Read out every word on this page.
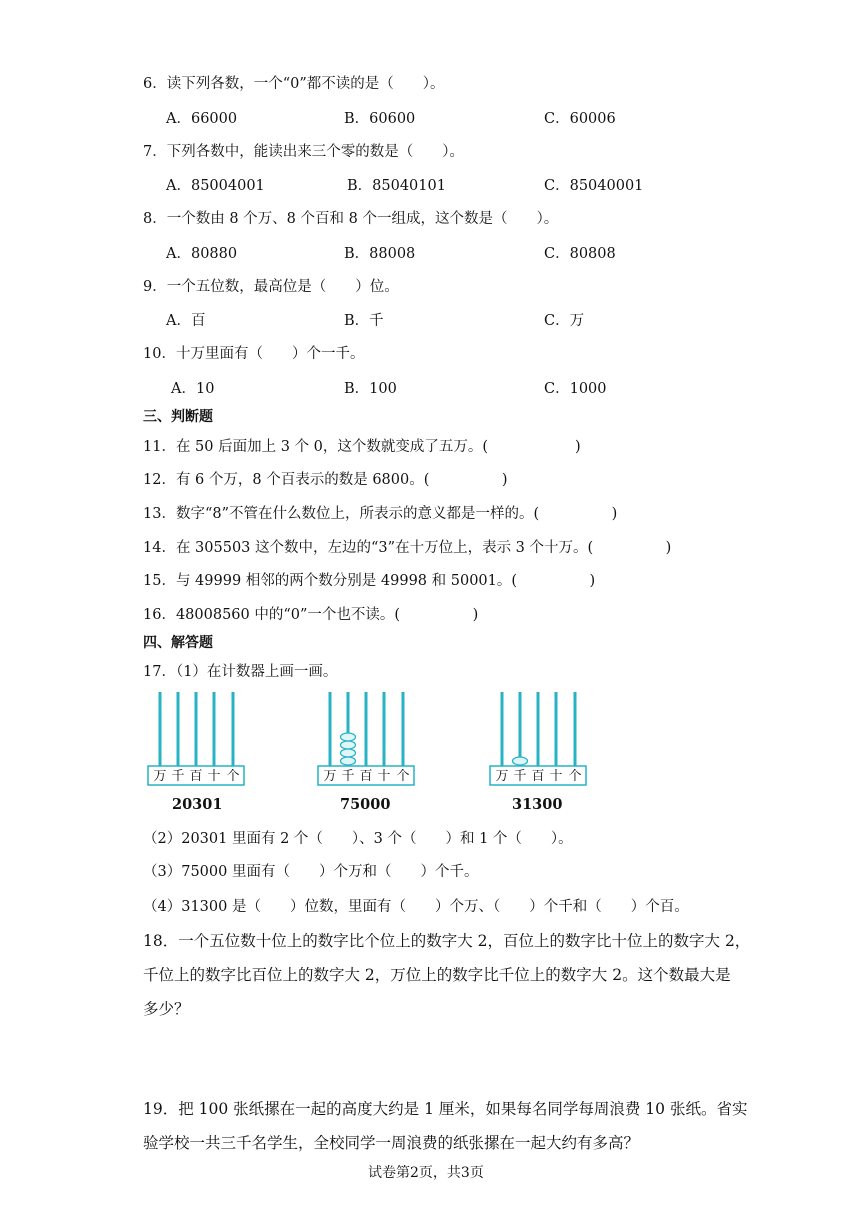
6．读下列各数，一个“0”都不读的是（　　）。
A．66000	B．60600	C．60006
7．下列各数中，能读出来三个零的数是（　　）。
A．85004001	B．85040101	C．85040001
8．一个数由 8 个万、8 个百和 8 个一组成，这个数是（　　）。
A．80880	B．88008	C．80808
9．一个五位数，最高位是（　　）位。
A．百	B．千	C．万
10．十万里面有（　　）个一千。
A．10	B．100	C．1000
三、判断题
11．在 50 后面加上 3 个 0，这个数就变成了五万。(　　　　　　)
12．有 6 个万，8 个百表示的数是 6800。(　　　　　)
13．数字“8”不管在什么数位上，所表示的意义都是一样的。(　　　　　)
14．在 305503 这个数中，左边的“3”在十万位上，表示 3 个十万。(　　　　　)
15．与 49999 相邻的两个数分别是 49998 和 50001。(　　　　　)
16．48008560 中的“0”一个也不读。(　　　　　)
四、解答题
17．（1）在计数器上画一画。
万 千 百 十 个	万 千 百 十 个	万 千 百 十 个
20301	75000	31300
（2）20301 里面有 2 个（　　）、3 个（　　）和 1 个（　　）。
（3）75000 里面有（　　）个万和（　　）个千。
（4）31300 是（　　）位数，里面有（　　）个万、（　　）个千和（　　）个百。
18．一个五位数十位上的数字比个位上的数字大 2，百位上的数字比十位上的数字大 2，
千位上的数字比百位上的数字大 2，万位上的数字比千位上的数字大 2。这个数最大是
多少？
19．把 100 张纸摞在一起的高度大约是 1 厘米，如果每名同学每周浪费 10 张纸。省实
验学校一共三千名学生，全校同学一周浪费的纸张摞在一起大约有多高？
试卷第2页，共3页
